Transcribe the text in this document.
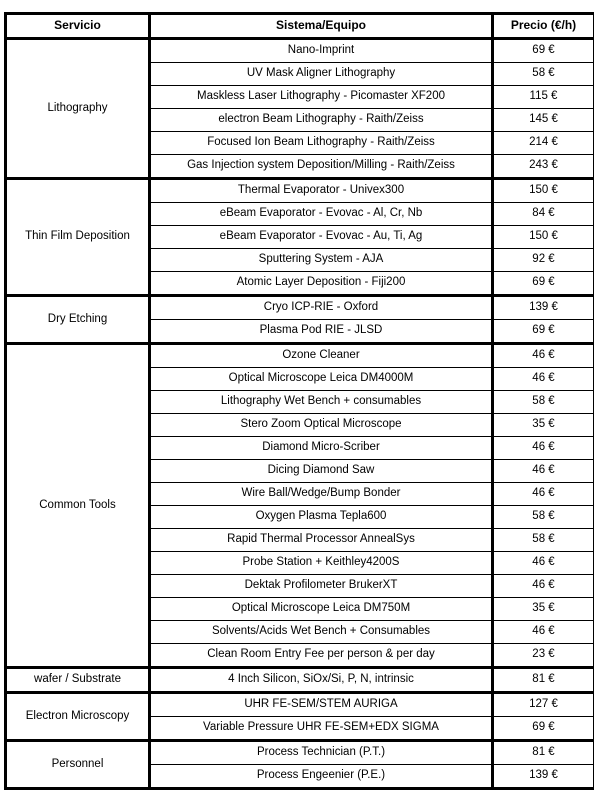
Servicio	Sistema/Equipo	Precio (€/h)
Lithography	Nano-Imprint	69 €
	UV Mask Aligner Lithography	58 €
	Maskless Laser Lithography - Picomaster XF200	115 €
	electron Beam Lithography - Raith/Zeiss	145 €
	Focused Ion Beam Lithography - Raith/Zeiss	214 €
	Gas Injection system Deposition/Milling - Raith/Zeiss	243 €
Thin Film Deposition	Thermal Evaporator - Univex300	150 €
	eBeam Evaporator - Evovac - Al, Cr, Nb	84 €
	eBeam Evaporator - Evovac - Au, Ti, Ag	150 €
	Sputtering System - AJA	92 €
	Atomic Layer Deposition - Fiji200	69 €
Dry Etching	Cryo ICP-RIE - Oxford	139 €
	Plasma Pod RIE - JLSD	69 €
Common Tools	Ozone Cleaner	46 €
	Optical Microscope Leica DM4000M	46 €
	Lithography Wet Bench + consumables	58 €
	Stero Zoom Optical Microscope	35 €
	Diamond Micro-Scriber	46 €
	Dicing Diamond Saw	46 €
	Wire Ball/Wedge/Bump Bonder	46 €
	Oxygen Plasma Tepla600	58 €
	Rapid Thermal Processor AnnealSys	58 €
	Probe Station + Keithley4200S	46 €
	Dektak Profilometer BrukerXT	46 €
	Optical Microscope Leica DM750M	35 €
	Solvents/Acids Wet Bench + Consumables	46 €
	Clean Room Entry Fee per person & per day	23 €
wafer / Substrate	4 Inch Silicon, SiOx/Si, P, N, intrinsic	81 €
Electron Microscopy	UHR FE-SEM/STEM AURIGA	127 €
	Variable Pressure UHR FE-SEM+EDX SIGMA	69 €
Personnel	Process Technician (P.T.)	81 €
	Process Engeenier (P.E.)	139 €
